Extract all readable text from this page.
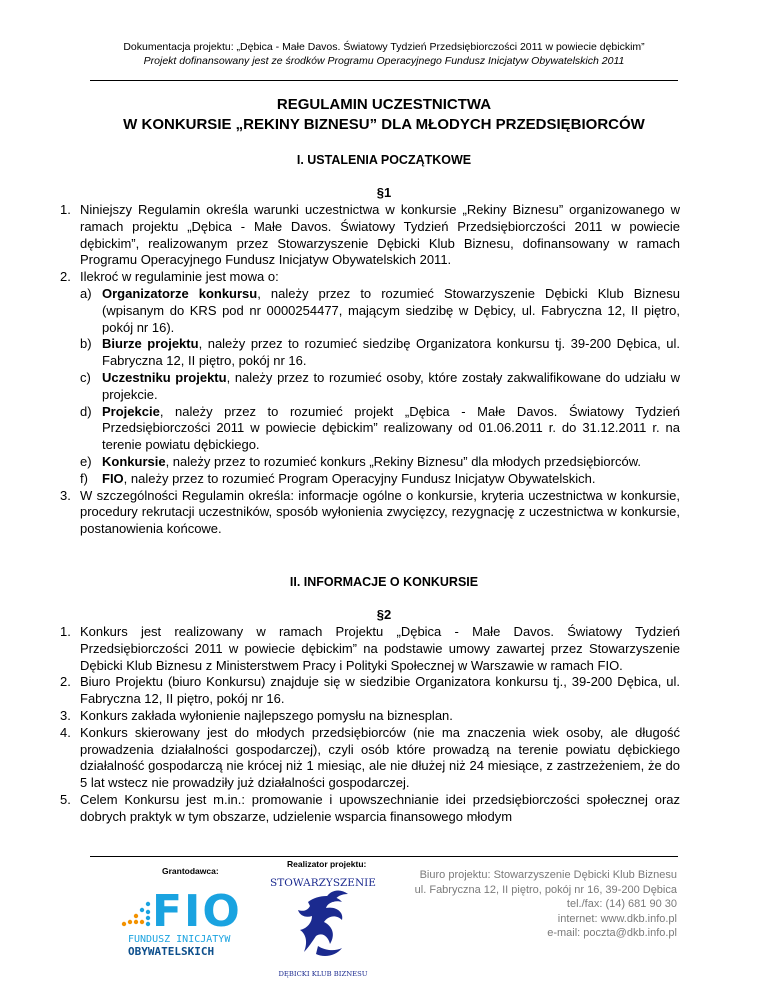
Dokumentacja projektu: „Dębica - Małe Davos. Światowy Tydzień Przedsiębiorczości 2011 w powiecie dębickim”
Projekt dofinansowany jest ze środków Programu Operacyjnego Fundusz Inicjatyw Obywatelskich 2011
REGULAMIN UCZESTNICTWA
W KONKURSIE „REKINY BIZNESU” DLA MŁODYCH PRZEDSIĘBIORCÓW
I. USTALENIA POCZĄTKOWE
§1
1. Niniejszy Regulamin określa warunki uczestnictwa w konkursie „Rekiny Biznesu” organizowanego w ramach projektu „Dębica - Małe Davos. Światowy Tydzień Przedsiębiorczości 2011 w powiecie dębickim”, realizowanym przez Stowarzyszenie Dębicki Klub Biznesu, dofinansowany w ramach Programu Operacyjnego Fundusz Inicjatyw Obywatelskich 2011.
2. Ilekroć w regulaminie jest mowa o:
a) Organizatorze konkursu, należy przez to rozumieć Stowarzyszenie Dębicki Klub Biznesu (wpisanym do KRS pod nr 0000254477, mającym siedzibę w Dębicy, ul. Fabryczna 12, II piętro, pokój nr 16).
b) Biurze projektu, należy przez to rozumieć siedzibę Organizatora konkursu tj. 39-200 Dębica, ul. Fabryczna 12, II piętro, pokój nr 16.
c) Uczestniku projektu, należy przez to rozumieć osoby, które zostały zakwalifikowane do udziału w projekcie.
d) Projekcie, należy przez to rozumieć projekt „Dębica - Małe Davos. Światowy Tydzień Przedsiębiorczości 2011 w powiecie dębickim” realizowany od 01.06.2011 r. do 31.12.2011 r. na terenie powiatu dębickiego.
e) Konkursie, należy przez to rozumieć konkurs „Rekiny Biznesu” dla młodych przedsiębiorców.
f) FIO, należy przez to rozumieć Program Operacyjny Fundusz Inicjatyw Obywatelskich.
3. W szczególności Regulamin określa: informacje ogólne o konkursie, kryteria uczestnictwa w konkursie, procedury rekrutacji uczestników, sposób wyłonienia zwycięzcy, rezygnację z uczestnictwa w konkursie, postanowienia końcowe.
II. INFORMACJE O KONKURSIE
§2
1. Konkurs jest realizowany w ramach Projektu „Dębica - Małe Davos. Światowy Tydzień Przedsiębiorczości 2011 w powiecie dębickim” na podstawie umowy zawartej przez Stowarzyszenie Dębicki Klub Biznesu z Ministerstwem Pracy i Polityki Społecznej w Warszawie w ramach FIO.
2. Biuro Projektu (biuro Konkursu) znajduje się w siedzibie Organizatora konkursu tj., 39-200 Dębica, ul. Fabryczna 12, II piętro, pokój nr 16.
3. Konkurs zakłada wyłonienie najlepszego pomysłu na biznesplan.
4. Konkurs skierowany jest do młodych przedsiębiorców (nie ma znaczenia wiek osoby, ale długość prowadzenia działalności gospodarczej), czyli osób które prowadzą na terenie powiatu dębickiego działalność gospodarczą nie krócej niż 1 miesiąc, ale nie dłużej niż 24 miesiące, z zastrzeżeniem, że do 5 lat wstecz nie prowadziły już działalności gospodarczej.
5. Celem Konkursu jest m.in.: promowanie i upowszechnianie idei przedsiębiorczości społecznej oraz dobrych praktyk w tym obszarze, udzielenie wsparcia finansowego młodym
Grantodawca:
Realizator projektu:
FIO
FUNDUSZ INICJATYW
OBYWATELSKICH
STOWARZYSZENIE
DĘBICKI KLUB BIZNESU
Biuro projektu: Stowarzyszenie Dębicki Klub Biznesu
ul. Fabryczna 12, II piętro, pokój nr 16, 39-200 Dębica
tel./fax: (14) 681 90 30
internet: www.dkb.info.pl
e-mail: poczta@dkb.info.pl
